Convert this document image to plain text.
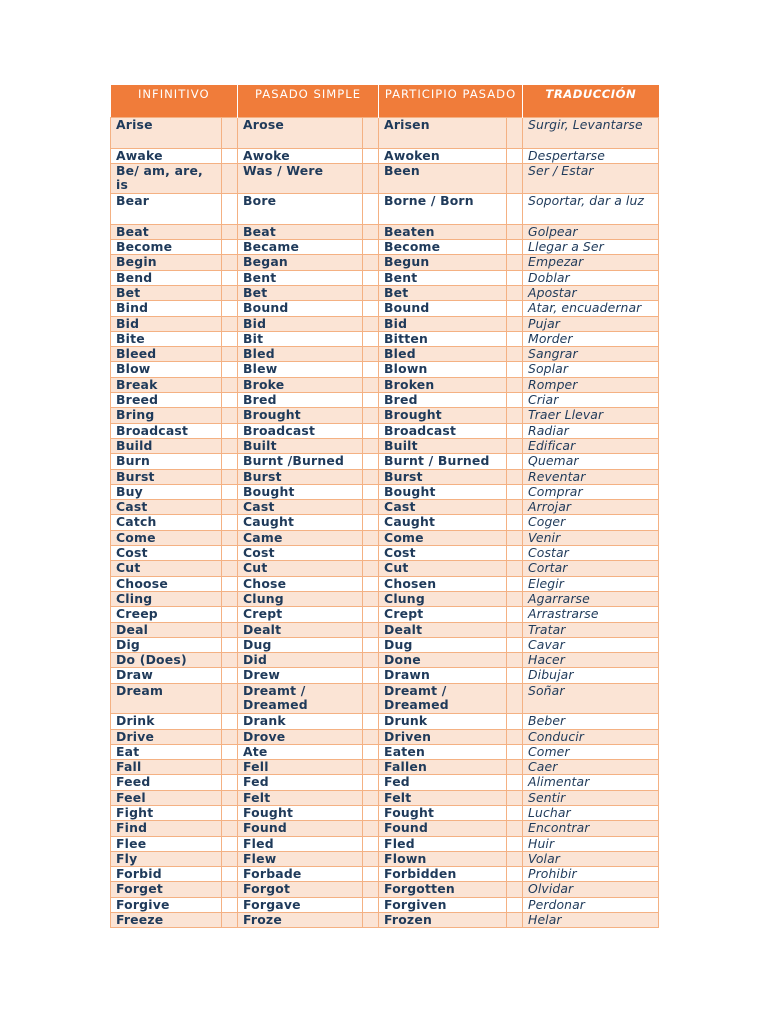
INFINITIVO		PASADO SIMPLE		PARTICIPIO PASADO		TRADUCCIÓN
Arise		Arose		Arisen		Surgir, Levantarse
Awake		Awoke		Awoken		Despertarse
Be/ am, are, is		Was / Were		Been		Ser / Estar
Bear		Bore		Borne / Born		Soportar, dar a luz
Beat		Beat		Beaten		Golpear
Become		Became		Become		Llegar a Ser
Begin		Began		Begun		Empezar
Bend		Bent		Bent		Doblar
Bet		Bet		Bet		Apostar
Bind		Bound		Bound		Atar, encuadernar
Bid		Bid		Bid		Pujar
Bite		Bit		Bitten		Morder
Bleed		Bled		Bled		Sangrar
Blow		Blew		Blown		Soplar
Break		Broke		Broken		Romper
Breed		Bred		Bred		Criar
Bring		Brought		Brought		Traer Llevar
Broadcast		Broadcast		Broadcast		Radiar
Build		Built		Built		Edificar
Burn		Burnt /Burned		Burnt / Burned		Quemar
Burst		Burst		Burst		Reventar
Buy		Bought		Bought		Comprar
Cast		Cast		Cast		Arrojar
Catch		Caught		Caught		Coger
Come		Came		Come		Venir
Cost		Cost		Cost		Costar
Cut		Cut		Cut		Cortar
Choose		Chose		Chosen		Elegir
Cling		Clung		Clung		Agarrarse
Creep		Crept		Crept		Arrastrarse
Deal		Dealt		Dealt		Tratar
Dig		Dug		Dug		Cavar
Do (Does)		Did		Done		Hacer
Draw		Drew		Drawn		Dibujar
Dream		Dreamt / Dreamed		Dreamt / Dreamed		Soñar
Drink		Drank		Drunk		Beber
Drive		Drove		Driven		Conducir
Eat		Ate		Eaten		Comer
Fall		Fell		Fallen		Caer
Feed		Fed		Fed		Alimentar
Feel		Felt		Felt		Sentir
Fight		Fought		Fought		Luchar
Find		Found		Found		Encontrar
Flee		Fled		Fled		Huir
Fly		Flew		Flown		Volar
Forbid		Forbade		Forbidden		Prohibir
Forget		Forgot		Forgotten		Olvidar
Forgive		Forgave		Forgiven		Perdonar
Freeze		Froze		Frozen		Helar
